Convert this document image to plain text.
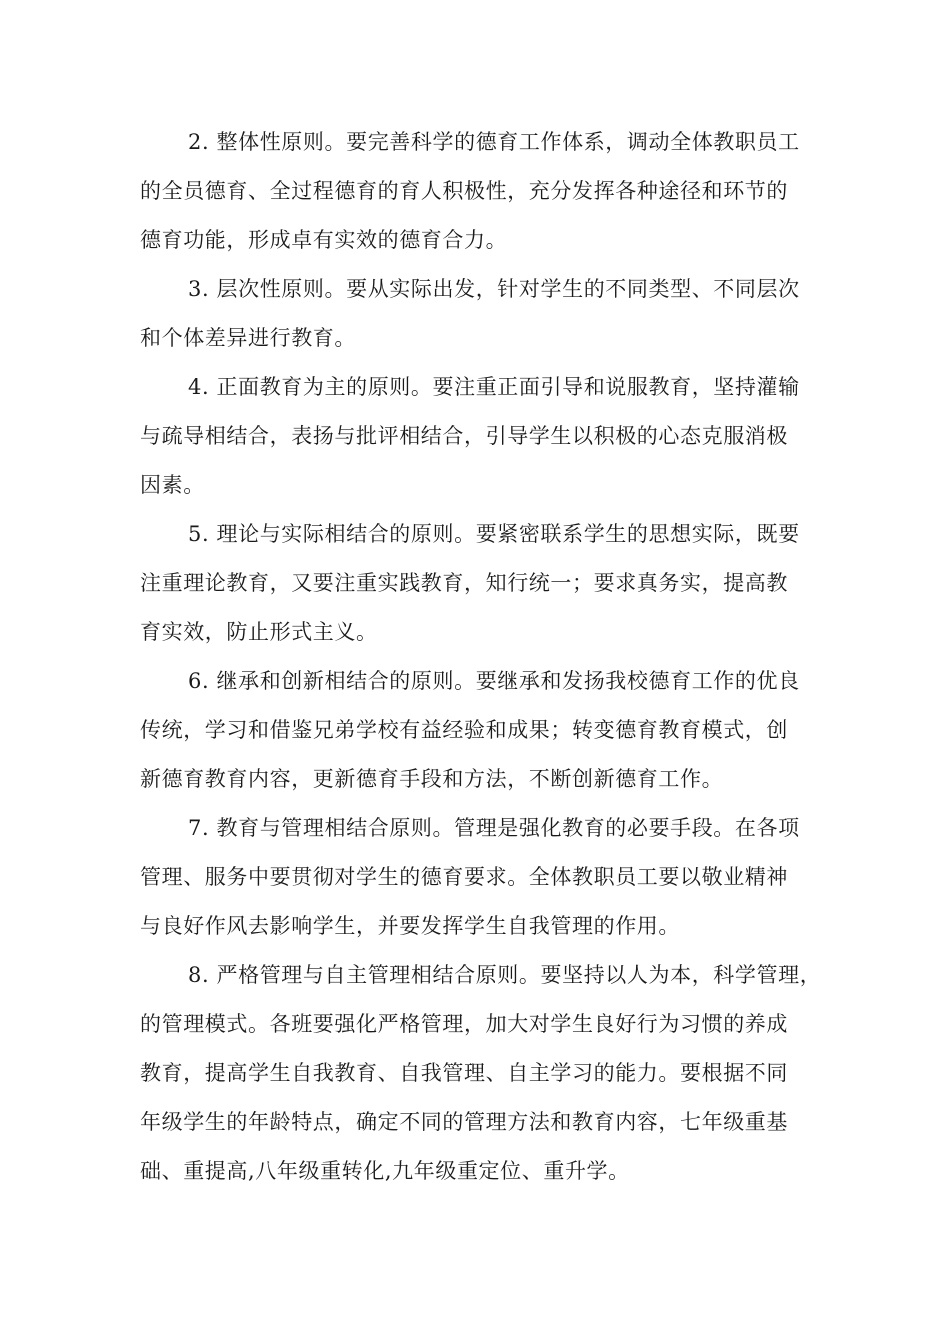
2. 整体性原则。要完善科学的德育工作体系，调动全体教职员工
的全员德育、全过程德育的育人积极性，充分发挥各种途径和环节的
德育功能，形成卓有实效的德育合力。

3. 层次性原则。要从实际出发，针对学生的不同类型、不同层次
和个体差异进行教育。

4. 正面教育为主的原则。要注重正面引导和说服教育，坚持灌输
与疏导相结合，表扬与批评相结合，引导学生以积极的心态克服消极
因素。

5. 理论与实际相结合的原则。要紧密联系学生的思想实际，既要
注重理论教育，又要注重实践教育，知行统一；要求真务实，提高教
育实效，防止形式主义。

6. 继承和创新相结合的原则。要继承和发扬我校德育工作的优良
传统，学习和借鉴兄弟学校有益经验和成果；转变德育教育模式，创
新德育教育内容，更新德育手段和方法，不断创新德育工作。

7. 教育与管理相结合原则。管理是强化教育的必要手段。在各项
管理、服务中要贯彻对学生的德育要求。全体教职员工要以敬业精神
与良好作风去影响学生，并要发挥学生自我管理的作用。

8. 严格管理与自主管理相结合原则。要坚持以人为本，科学管理，
的管理模式。各班要强化严格管理，加大对学生良好行为习惯的养成
教育，提高学生自我教育、自我管理、自主学习的能力。要根据不同
年级学生的年龄特点，确定不同的管理方法和教育内容，七年级重基
础、重提高,八年级重转化,九年级重定位、重升学。
